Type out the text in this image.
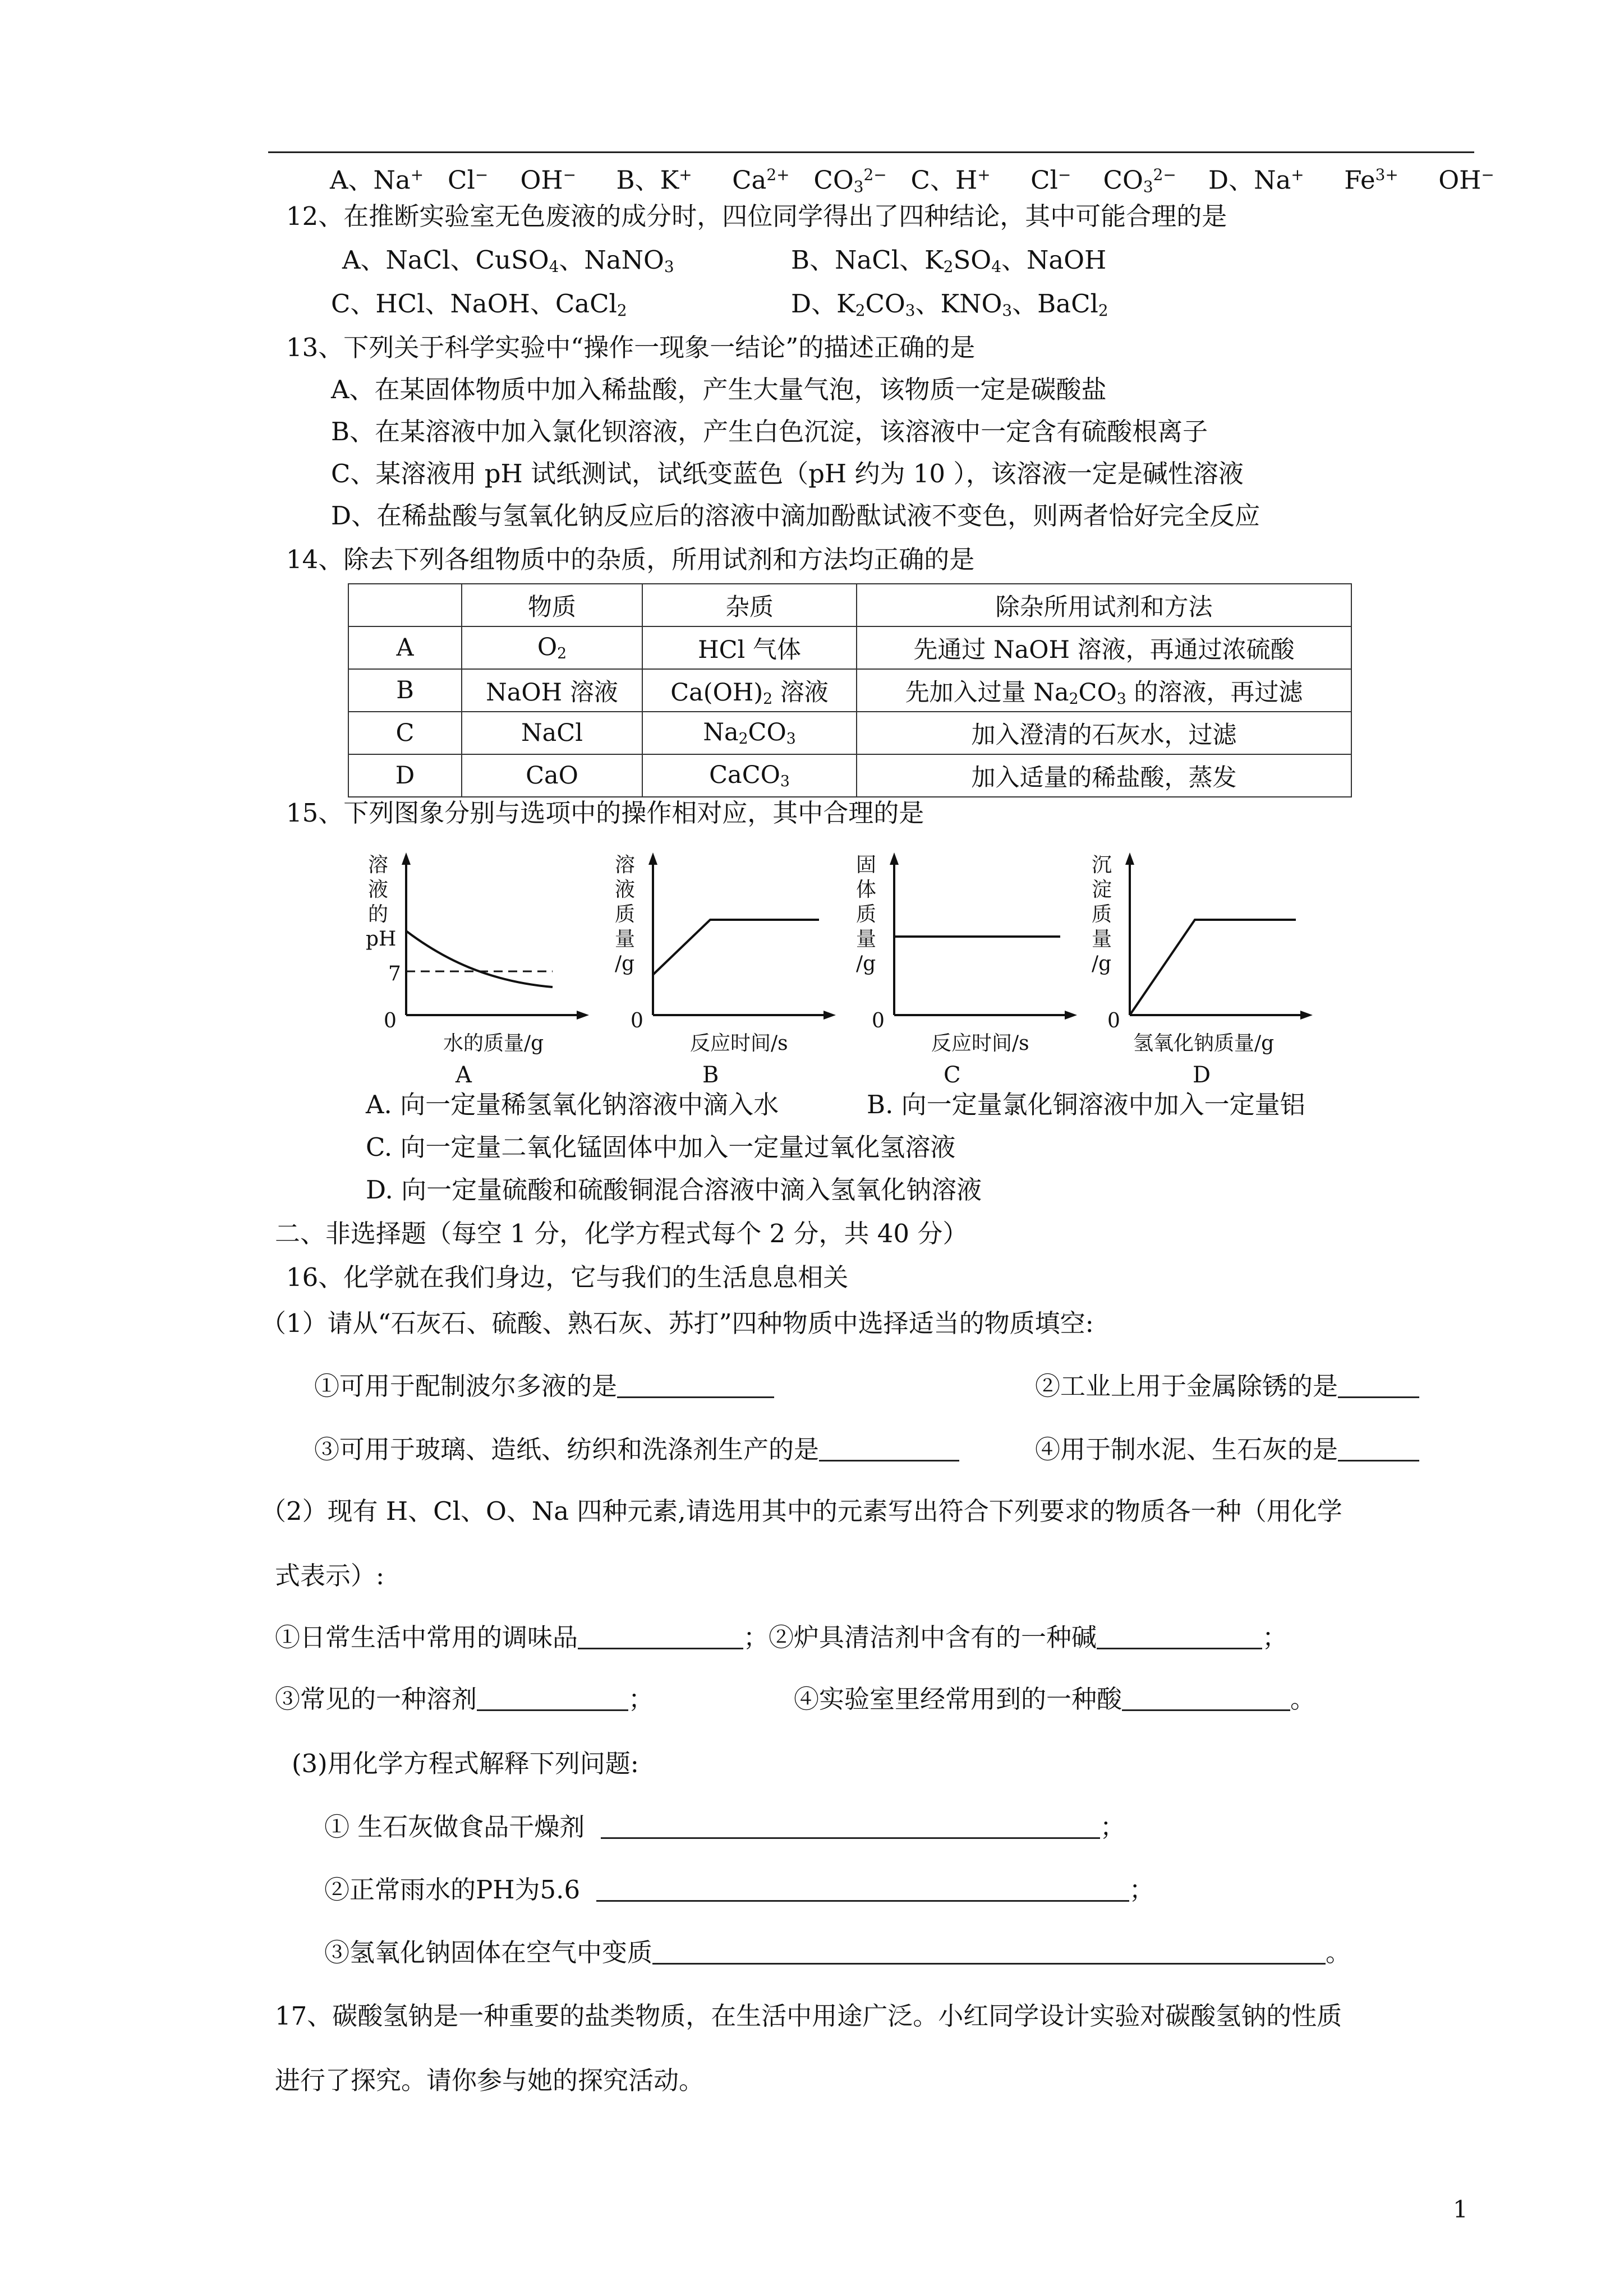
A、Na+ Cl− OH− B、K+ $Ca^{2+}$ $CO_3^{2-}$ C、H+ Cl− $CO_3^{2-}$ D、Na+ $Fe^{3+}$ OH−
12、在推断实验室无色废液的成分时，四位同学得出了四种结论，其中可能合理的是
A、NaCl、CuSO$_4$、NaNO$_3$	B、NaCl、$K_2SO_4$、NaOH
C、HCl、NaOH、CaCl$_2$	D、$K_2CO_3$、$KNO_3$、BaCl$_2$
13、下列关于科学实验中“操作一现象一结论”的描述正确的是
A、在某固体物质中加入稀盐酸，产生大量气泡，该物质一定是碳酸盐
B、在某溶液中加入氯化钡溶液，产生白色沉淀，该溶液中一定含有硫酸根离子
C、某溶液用 pH 试纸测试，试纸变蓝色（pH 约为 10 ），该溶液一定是碱性溶液
D、在稀盐酸与氢氧化钠反应后的溶液中滴加酚酞试液不变色，则两者恰好完全反应
14、除去下列各组物质中的杂质，所用试剂和方法均正确的是
	物质	杂质	除杂所用试剂和方法
A	$O_2$	HCl 气体	先通过 NaOH 溶液，再通过浓硫酸
B	NaOH 溶液	$Ca(OH)_2$ 溶液	先加入过量 $Na_2CO_3$ 的溶液，再过滤
C	NaCl	$Na_2CO_3$	加入澄清的石灰水，过滤
D	CaO	CaCO$_3$	加入适量的稀盐酸，蒸发
15、下列图象分别与选项中的操作相对应，其中合理的是
溶
液
的
pH
7
0
水的质量/g
A
溶
液
质
量
/g
0
反应时间/s
B
固
体
质
量
/g
0
反应时间/s
C
沉
淀
质
量
/g
0
氢氧化钠质量/g
D
A. 向一定量稀氢氧化钠溶液中滴入水	B. 向一定量氯化铜溶液中加入一定量铝
C. 向一定量二氧化锰固体中加入一定量过氧化氢溶液
D. 向一定量硫酸和硫酸铜混合溶液中滴入氢氧化钠溶液
二、非选择题（每空 1 分，化学方程式每个 2 分，共 40 分）
16、化学就在我们身边，它与我们的生活息息相关
（1）请从“石灰石、硫酸、熟石灰、苏打”四种物质中选择适当的物质填空:
①可用于配制波尔多液的是	②工业上用于金属除锈的是
③可用于玻璃、造纸、纺织和洗涤剂生产的是	④用于制水泥、生石灰的是
（2）现有 H、Cl、O、Na 四种元素,请选用其中的元素写出符合下列要求的物质各一种（用化学
式表示）:
①日常生活中常用的调味品	；②炉具清洁剂中含有的一种碱	；
③常见的一种溶剂	；	④实验室里经常用到的一种酸	。
(3)用化学方程式解释下列问题:
① 生石灰做食品干燥剂	；
②正常雨水的PH为5.6	；
③氢氧化钠固体在空气中变质	。
17、碳酸氢钠是一种重要的盐类物质，在生活中用途广泛。小红同学设计实验对碳酸氢钠的性质
进行了探究。请你参与她的探究活动。
1
